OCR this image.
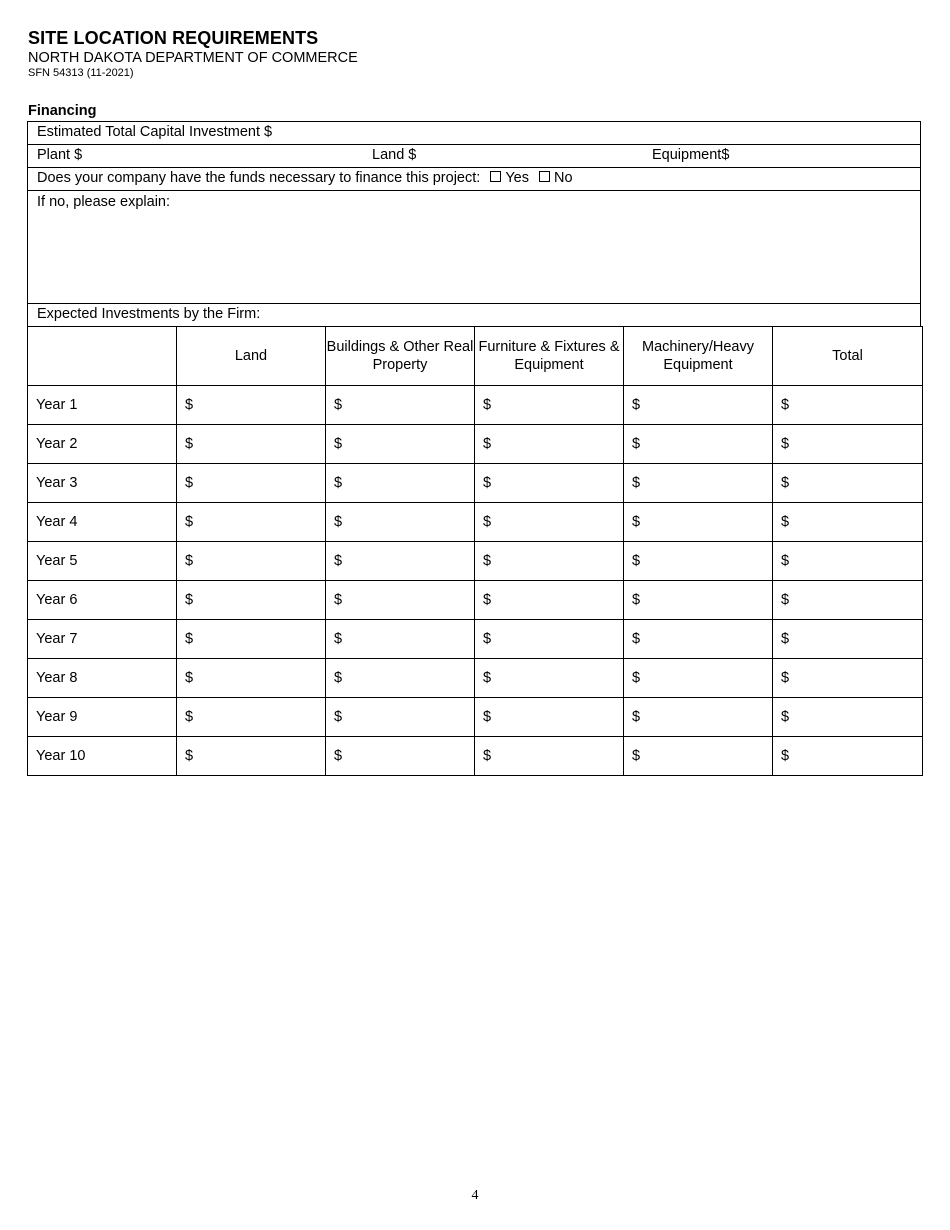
SITE LOCATION REQUIREMENTS
NORTH DAKOTA DEPARTMENT OF COMMERCE
SFN 54313 (11-2021)
Financing
Estimated Total Capital Investment $
Plant $	Land $	Equipment$
Does your company have the funds necessary to finance this project: Yes No
If no, please explain:
Expected Investments by the Firm:
	Land	Buildings & Other Real Property	Furniture & Fixtures & Equipment	Machinery/Heavy Equipment	Total
Year 1	$	$	$	$	$
Year 2	$	$	$	$	$
Year 3	$	$	$	$	$
Year 4	$	$	$	$	$
Year 5	$	$	$	$	$
Year 6	$	$	$	$	$
Year 7	$	$	$	$	$
Year 8	$	$	$	$	$
Year 9	$	$	$	$	$
Year 10	$	$	$	$	$
4
